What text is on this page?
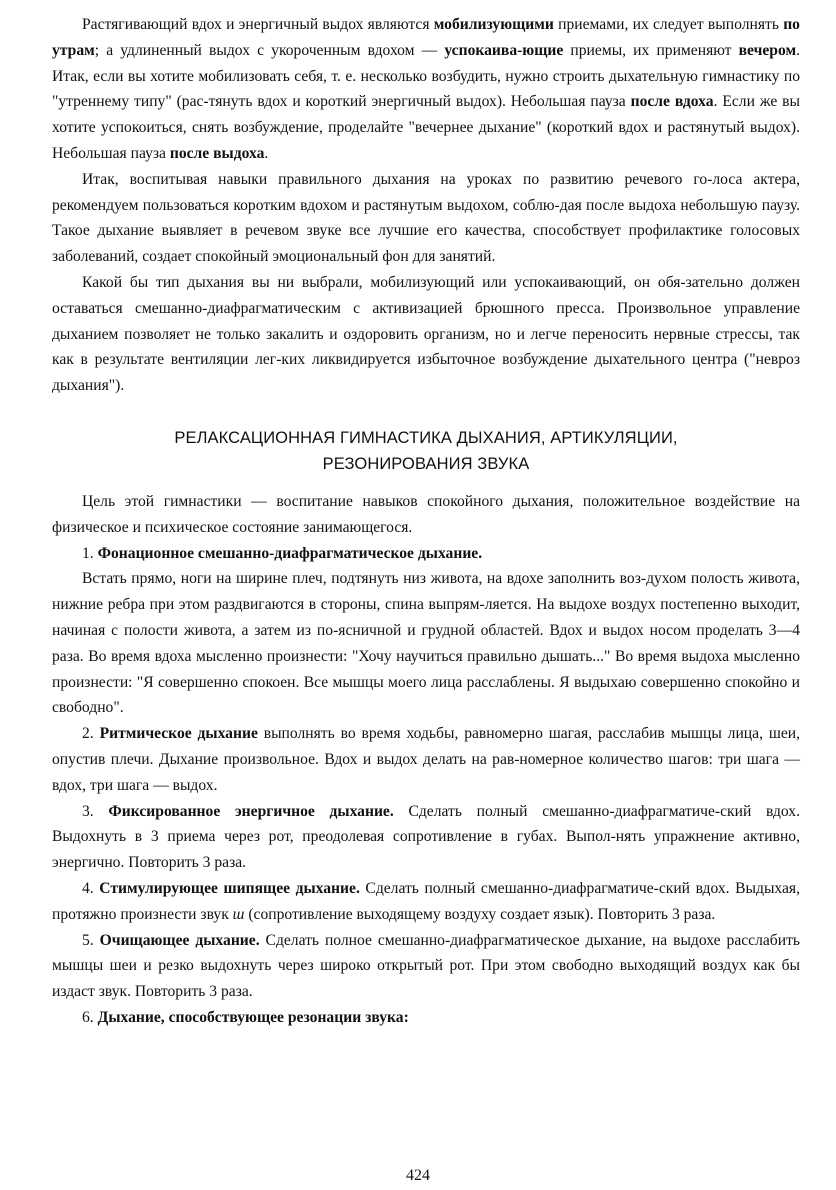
Растягивающий вдох и энергичный выдох являются мобилизующими приемами, их следует выполнять по утрам; а удлиненный выдох с укороченным вдохом — успокаива-ющие приемы, их применяют вечером. Итак, если вы хотите мобилизовать себя, т. е. несколько возбудить, нужно строить дыхательную гимнастику по "утреннему типу" (рас-тянуть вдох и короткий энергичный выдох). Небольшая пауза после вдоха. Если же вы хотите успокоиться, снять возбуждение, проделайте "вечернее дыхание" (короткий вдох и растянутый выдох). Небольшая пауза после выдоха.

Итак, воспитывая навыки правильного дыхания на уроках по развитию речевого го-лоса актера, рекомендуем пользоваться коротким вдохом и растянутым выдохом, соблю-дая после выдоха небольшую паузу. Такое дыхание выявляет в речевом звуке все лучшие его качества, способствует профилактике голосовых заболеваний, создает спокойный эмоциональный фон для занятий.

Какой бы тип дыхания вы ни выбрали, мобилизующий или успокаивающий, он обя-зательно должен оставаться смешанно-диафрагматическим с активизацией брюшного пресса. Произвольное управление дыханием позволяет не только закалить и оздоровить организм, но и легче переносить нервные стрессы, так как в результате вентиляции лег-ких ликвидируется избыточное возбуждение дыхательного центра ("невроз дыхания").

РЕЛАКСАЦИОННАЯ ГИМНАСТИКА ДЫХАНИЯ, АРТИКУЛЯЦИИ,
РЕЗОНИРОВАНИЯ ЗВУКА

Цель этой гимнастики — воспитание навыков спокойного дыхания, положительное воздействие на физическое и психическое состояние занимающегося.

1. Фонационное смешанно-диафрагматическое дыхание.

Встать прямо, ноги на ширине плеч, подтянуть низ живота, на вдохе заполнить воз-духом полость живота, нижние ребра при этом раздвигаются в стороны, спина выпрям-ляется. На выдохе воздух постепенно выходит, начиная с полости живота, а затем из по-ясничной и грудной областей. Вдох и выдох носом проделать 3—4 раза. Во время вдоха мысленно произнести: "Хочу научиться правильно дышать..." Во время выдоха мысленно произнести: "Я совершенно спокоен. Все мышцы моего лица расслаблены. Я выдыхаю совершенно спокойно и свободно".

2. Ритмическое дыхание выполнять во время ходьбы, равномерно шагая, расслабив мышцы лица, шеи, опустив плечи. Дыхание произвольное. Вдох и выдох делать на рав-номерное количество шагов: три шага — вдох, три шага — выдох.

3. Фиксированное энергичное дыхание. Сделать полный смешанно-диафрагматиче-ский вдох. Выдохнуть в 3 приема через рот, преодолевая сопротивление в губах. Выпол-нять упражнение активно, энергично. Повторить 3 раза.

4. Стимулирующее шипящее дыхание. Сделать полный смешанно-диафрагматиче-ский вдох. Выдыхая, протяжно произнести звук ш (сопротивление выходящему воздуху создает язык). Повторить 3 раза.

5. Очищающее дыхание. Сделать полное смешанно-диафрагматическое дыхание, на выдохе расслабить мышцы шеи и резко выдохнуть через широко открытый рот. При этом свободно выходящий воздух как бы издаст звук. Повторить 3 раза.

6. Дыхание, способствующее резонации звука:

424
